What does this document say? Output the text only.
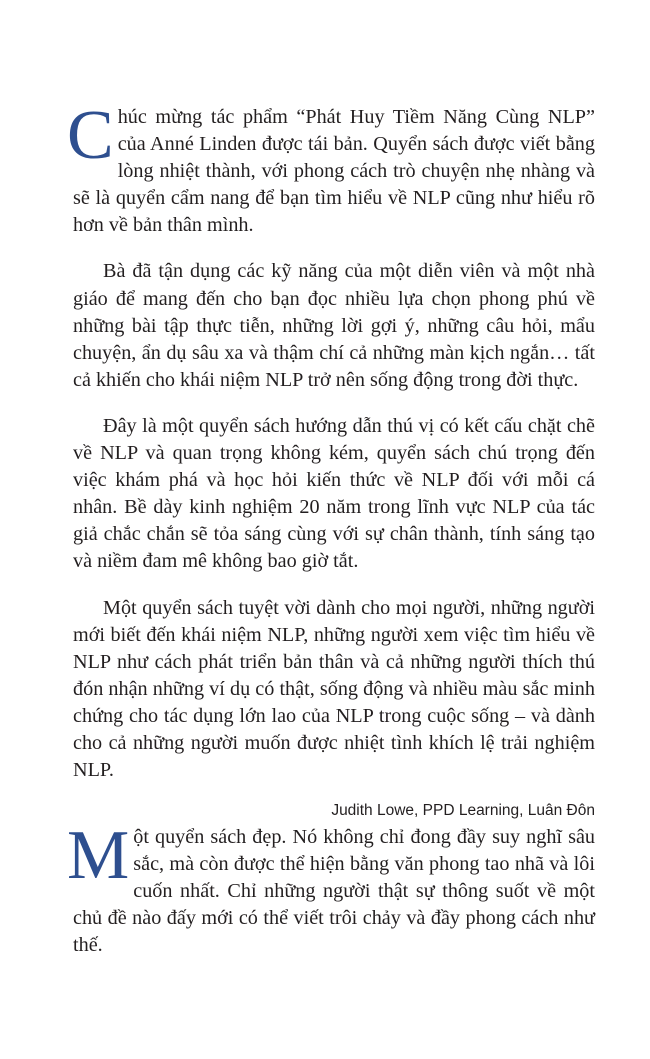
Chúc mừng tác phẩm “Phát Huy Tiềm Năng Cùng NLP” của Anné Linden được tái bản. Quyển sách được viết bằng lòng nhiệt thành, với phong cách trò chuyện nhẹ nhàng và sẽ là quyển cẩm nang để bạn tìm hiểu về NLP cũng như hiểu rõ hơn về bản thân mình.

Bà đã tận dụng các kỹ năng của một diễn viên và một nhà giáo để mang đến cho bạn đọc nhiều lựa chọn phong phú về những bài tập thực tiễn, những lời gợi ý, những câu hỏi, mẩu chuyện, ẩn dụ sâu xa và thậm chí cả những màn kịch ngắn… tất cả khiến cho khái niệm NLP trở nên sống động trong đời thực.

Đây là một quyển sách hướng dẫn thú vị có kết cấu chặt chẽ về NLP và quan trọng không kém, quyển sách chú trọng đến việc khám phá và học hỏi kiến thức về NLP đối với mỗi cá nhân. Bề dày kinh nghiệm 20 năm trong lĩnh vực NLP của tác giả chắc chắn sẽ tỏa sáng cùng với sự chân thành, tính sáng tạo và niềm đam mê không bao giờ tắt.

Một quyển sách tuyệt vời dành cho mọi người, những người mới biết đến khái niệm NLP, những người xem việc tìm hiểu về NLP như cách phát triển bản thân và cả những người thích thú đón nhận những ví dụ có thật, sống động và nhiều màu sắc minh chứng cho tác dụng lớn lao của NLP trong cuộc sống – và dành cho cả những người muốn được nhiệt tình khích lệ trải nghiệm NLP.

Judith Lowe, PPD Learning, Luân Đôn

Một quyển sách đẹp. Nó không chỉ đong đầy suy nghĩ sâu sắc, mà còn được thể hiện bằng văn phong tao nhã và lôi cuốn nhất. Chỉ những người thật sự thông suốt về một chủ đề nào đấy mới có thể viết trôi chảy và đầy phong cách như thế.
